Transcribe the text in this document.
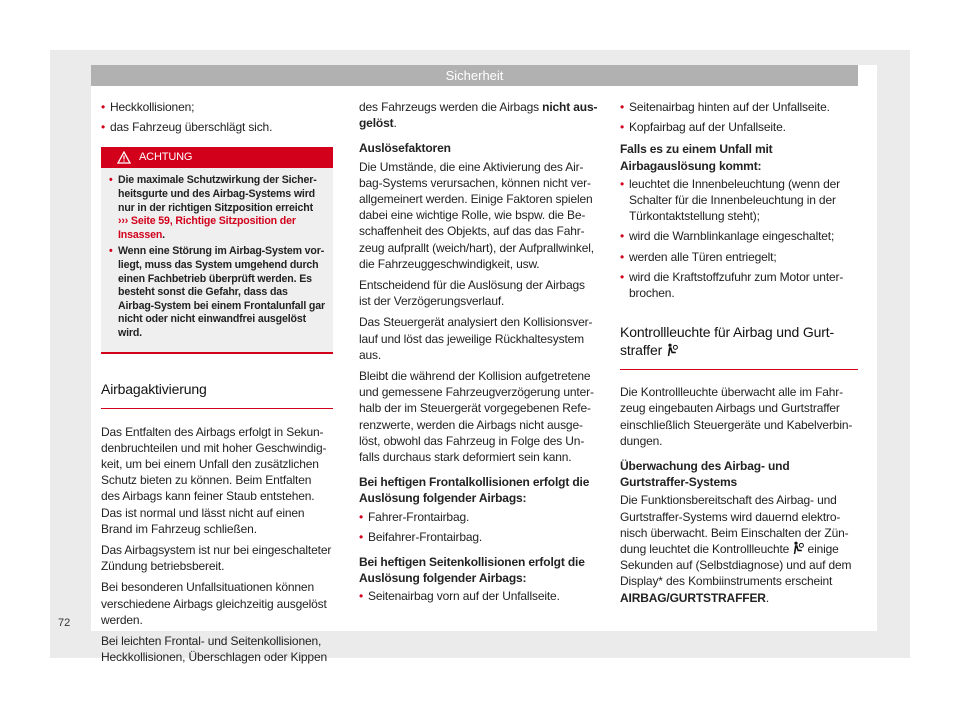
Sicherheit
• Heckkollisionen;
• das Fahrzeug überschlägt sich.
ACHTUNG
• Die maximale Schutzwirkung der Sicherheitsgurte und des Airbag-Systems wird nur in der richtigen Sitzposition erreicht ››› Seite 59, Richtige Sitzposition der Insassen.
• Wenn eine Störung im Airbag-System vorliegt, muss das System umgehend durch einen Fachbetrieb überprüft werden. Es besteht sonst die Gefahr, dass das Airbag-System bei einem Frontalunfall gar nicht oder nicht einwandfrei ausgelöst wird.
Airbagaktivierung

Das Entfalten des Airbags erfolgt in Sekundenbruchteilen und mit hoher Geschwindigkeit, um bei einem Unfall den zusätzlichen Schutz bieten zu können. Beim Entfalten des Airbags kann feiner Staub entstehen. Das ist normal und lässt nicht auf einen Brand im Fahrzeug schließen.

Das Airbagsystem ist nur bei eingeschalteter Zündung betriebsbereit.

Bei besonderen Unfallsituationen können verschiedene Airbags gleichzeitig ausgelöst werden.

Bei leichten Frontal- und Seitenkollisionen, Heckkollisionen, Überschlagen oder Kippen

des Fahrzeugs werden die Airbags nicht ausgelöst.

Auslösefaktoren

Die Umstände, die eine Aktivierung des Airbag-Systems verursachen, können nicht verallgemeinert werden. Einige Faktoren spielen dabei eine wichtige Rolle, wie bspw. die Beschaffenheit des Objekts, auf das das Fahrzeug aufprallt (weich/hart), der Aufprallwinkel, die Fahrzeuggeschwindigkeit, usw.

Entscheidend für die Auslösung der Airbags ist der Verzögerungsverlauf.

Das Steuergerät analysiert den Kollisionsverlauf und löst das jeweilige Rückhaltesystem aus.

Bleibt die während der Kollision aufgetretene und gemessene Fahrzeugverzögerung unterhalb der im Steuergerät vorgegebenen Referenzwerte, werden die Airbags nicht ausgelöst, obwohl das Fahrzeug in Folge des Unfalls durchaus stark deformiert sein kann.

Bei heftigen Frontalkollisionen erfolgt die Auslösung folgender Airbags:
• Fahrer-Frontairbag.
• Beifahrer-Frontairbag.
Bei heftigen Seitenkollisionen erfolgt die Auslösung folgender Airbags:
• Seitenairbag vorn auf der Unfallseite.
• Seitenairbag hinten auf der Unfallseite.
• Kopfairbag auf der Unfallseite.
Falls es zu einem Unfall mit Airbagauslösung kommt:
• leuchtet die Innenbeleuchtung (wenn der Schalter für die Innenbeleuchtung in der Türkontaktstellung steht);
• wird die Warnblinkanlage eingeschaltet;
• werden alle Türen entriegelt;
• wird die Kraftstoffzufuhr zum Motor unterbrochen.
Kontrollleuchte für Airbag und Gurtstraffer

Die Kontrollleuchte überwacht alle im Fahrzeug eingebauten Airbags und Gurtstraffer einschließlich Steuergeräte und Kabelverbindungen.

Überwachung des Airbag- und Gurtstraffer-Systems

Die Funktionsbereitschaft des Airbag- und Gurtstraffer-Systems wird dauernd elektronisch überwacht. Beim Einschalten der Zündung leuchtet die Kontrollleuchte  einige Sekunden auf (Selbstdiagnose) und auf dem Display* des Kombiinstruments erscheint AIRBAG/GURTSTRAFFER.

72
